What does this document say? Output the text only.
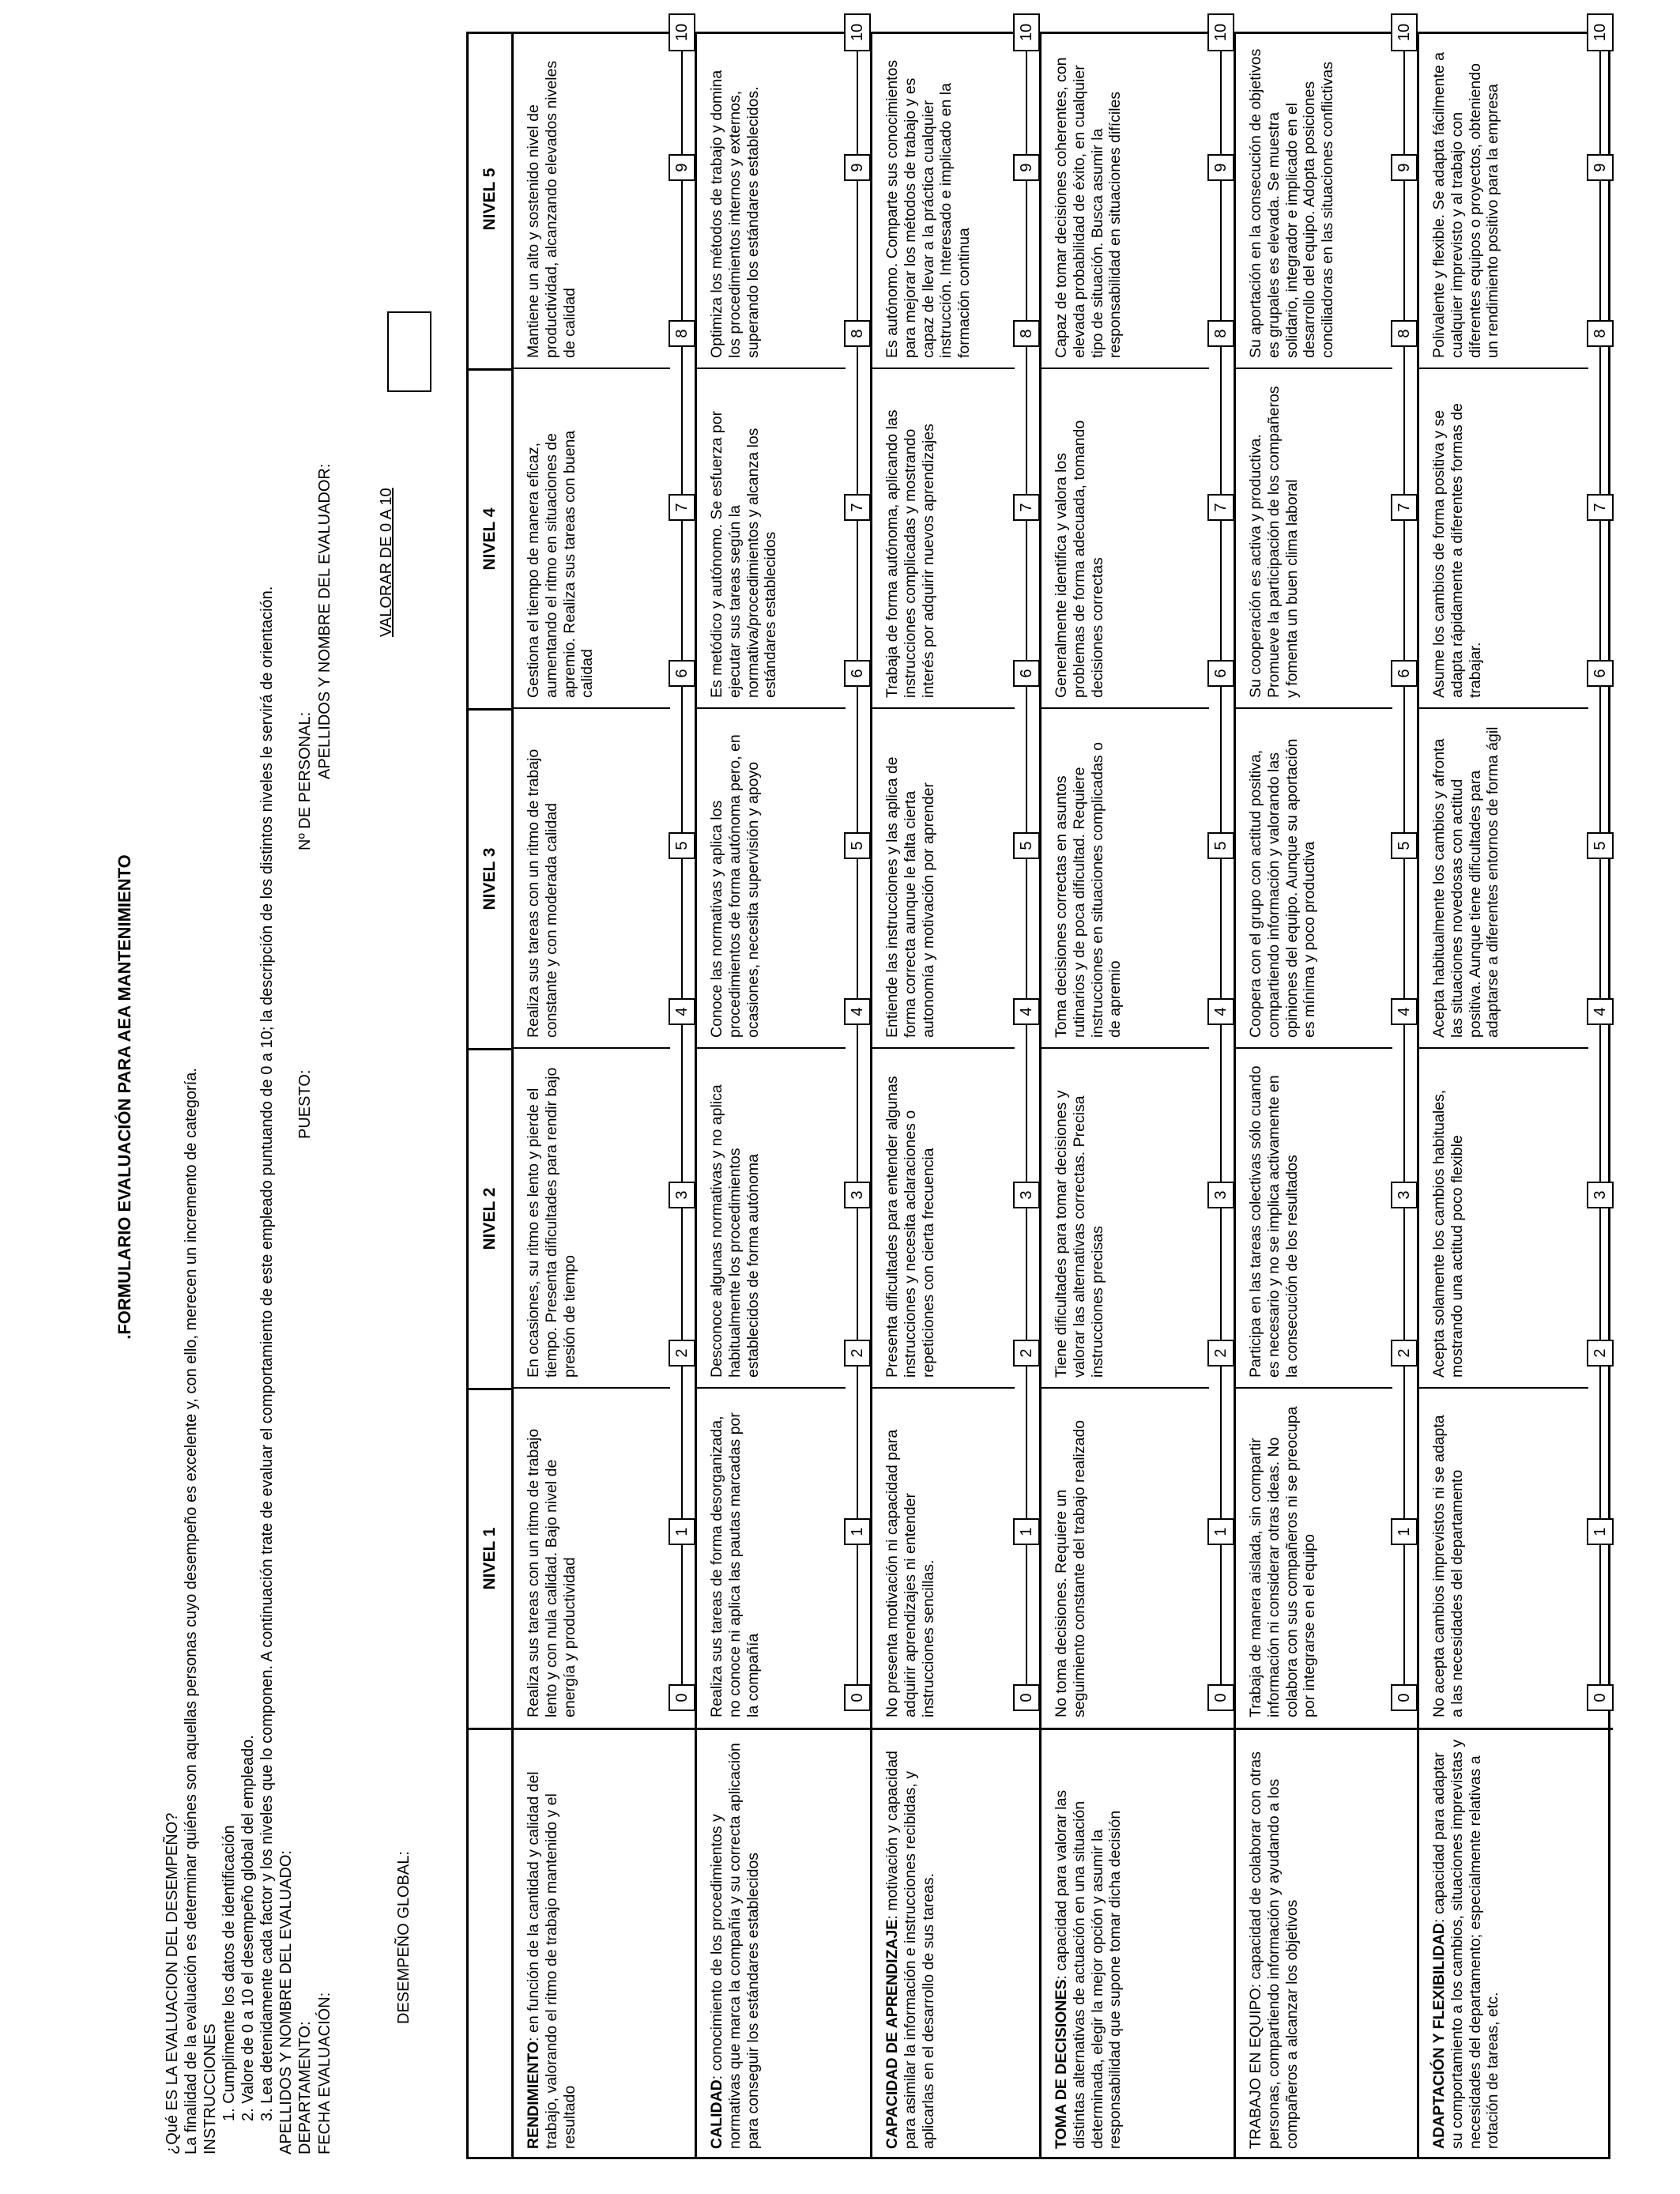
.FORMULARIO EVALUACIÓN PARA AEA MANTENIMIENTO
¿Qué ES LA EVALUACION DEL DESEMPEÑO? La finalidad de la evaluación es determinar quiénes son aquellas personas cuyo desempeño es excelente y, con ello, merecen un incremento de categoría. INSTRUCCIONES 1. Cumplimente los datos de identificación 2. Valore de 0 a 10 el desempeño global del empleado. 3. Lea detenidamente cada factor y los niveles que lo componen. A continuación trate de evaluar el comportamiento de este empleado puntuando de 0 a 10; la descripción de los distintos niveles le servirá de orientación. APELLIDOS Y NOMBRE DEL EVALUADO: DEPARTAMENTO: FECHA EVALUACIÓN:
PUESTO:
Nº DE PERSONAL:
APELLIDOS Y NOMBRE DEL EVALUADOR:
DESEMPEÑO GLOBAL:
VALORAR DE 0 A 10
NIVEL 1
NIVEL 2
NIVEL 3
NIVEL 4
NIVEL 5
RENDIMIENTO: en función de la cantidad y calidad del trabajo, valorando el ritmo de trabajo mantenido y el resultado
Realiza sus tareas con un ritmo de trabajo lento y con nula calidad. Bajo nivel de energía y productividad
En ocasiones, su ritmo es lento y pierde el tiempo. Presenta dificultades para rendir bajo presión de tiempo
Realiza sus tareas con un ritmo de trabajo constante y con moderada calidad
Gestiona el tiempo de manera eficaz, aumentando el ritmo en situaciones de apremio. Realiza sus tareas con buena calidad
Mantiene un alto y sostenido nivel de productividad, alcanzando elevados niveles de calidad
0
1
2
3
4
5
6
7
8
9
10
CALIDAD: conocimiento de los procedimientos y normativas que marca la compañía y su correcta aplicación para conseguir los estándares establecidos
Realiza sus tareas de forma desorganizada, no conoce ni aplica las pautas marcadas por la compañía
Desconoce algunas normativas y no aplica habitualmente los procedimientos establecidos de forma autónoma
Conoce las normativas y aplica los procedimientos de forma autónoma pero, en ocasiones, necesita supervisión y apoyo
Es metódico y autónomo. Se esfuerza por ejecutar sus tareas según la normativa/procedimientos y alcanza los estándares establecidos
Optimiza los métodos de trabajo y domina los procedimientos internos y externos, superando los estándares establecidos.
0
1
2
3
4
5
6
7
8
9
10
CAPACIDAD DE APRENDIZAJE: motivación y capacidad para asimilar la información e instrucciones recibidas, y aplicarlas en el desarrollo de sus tareas.
No presenta motivación ni capacidad para adquirir aprendizajes ni entender instrucciones sencillas.
Presenta dificultades para entender algunas instrucciones y necesita aclaraciones o repeticiones con cierta frecuencia
Entiende las instrucciones y las aplica de forma correcta aunque le falta cierta autonomía y motivación por aprender
Trabaja de forma autónoma, aplicando las instrucciones complicadas y mostrando interés por adquirir nuevos aprendizajes
Es autónomo. Comparte sus conocimientos para mejorar los métodos de trabajo y es capaz de llevar a la práctica cualquier instrucción. Interesado e implicado en la formación continua
0
1
2
3
4
5
6
7
8
9
10
TOMA DE DECISIONES: capacidad para valorar las distintas alternativas de actuación en una situación determinada, elegir la mejor opción y asumir la responsabilidad que supone tomar dicha decisión
No toma decisiones. Requiere un seguimiento constante del trabajo realizado
Tiene dificultades para tomar decisiones y valorar las alternativas correctas. Precisa instrucciones precisas
Toma decisiones correctas en asuntos rutinarios y de poca dificultad. Requiere instrucciones en situaciones complicadas o de apremio
Generalmente identifica y valora los problemas de forma adecuada, tomando decisiones correctas
Capaz de tomar decisiones coherentes, con elevada probabilidad de éxito, en cualquier tipo de situación. Busca asumir la responsabilidad en situaciones difíciles
0
1
2
3
4
5
6
7
8
9
10
TRABAJO EN EQUIPO: capacidad de colaborar con otras personas, compartiendo información y ayudando a los compañeros a alcanzar los objetivos
Trabaja de manera aislada, sin compartir información ni considerar otras ideas. No colabora con sus compañeros ni se preocupa por integrarse en el equipo
Participa en las tareas colectivas sólo cuando es necesario y no se implica activamente en la consecución de los resultados
Coopera con el grupo con actitud positiva, compartiendo información y valorando las opiniones del equipo. Aunque su aportación es mínima y poco productiva
Su cooperación es activa y productiva. Promueve la participación de los compañeros y fomenta un buen clima laboral
Su aportación en la consecución de objetivos es grupales es elevada. Se muestra solidario, integrador e implicado en el desarrollo del equipo. Adopta posiciones conciliadoras en las situaciones conflictivas
0
1
2
3
4
5
6
7
8
9
10
ADAPTACIÓN Y FLEXIBILIDAD: capacidad para adaptar su comportamiento a los cambios, situaciones imprevistas y necesidades del departamento; especialmente relativas a rotación de tareas, etc.
No acepta cambios imprevistos ni se adapta a las necesidades del departamento
Acepta solamente los cambios habituales, mostrando una actitud poco flexible
Acepta habitualmente los cambios y afronta las situaciones novedosas con actitud positiva. Aunque tiene dificultades para adaptarse a diferentes entornos de forma ágil
Asume los cambios de forma positiva y se adapta rápidamente a diferentes formas de trabajar.
Polivalente y flexible. Se adapta fácilmente a cualquier imprevisto y al trabajo con diferentes equipos o proyectos, obteniendo un rendimiento positivo para la empresa
0
1
2
3
4
5
6
7
8
9
10
